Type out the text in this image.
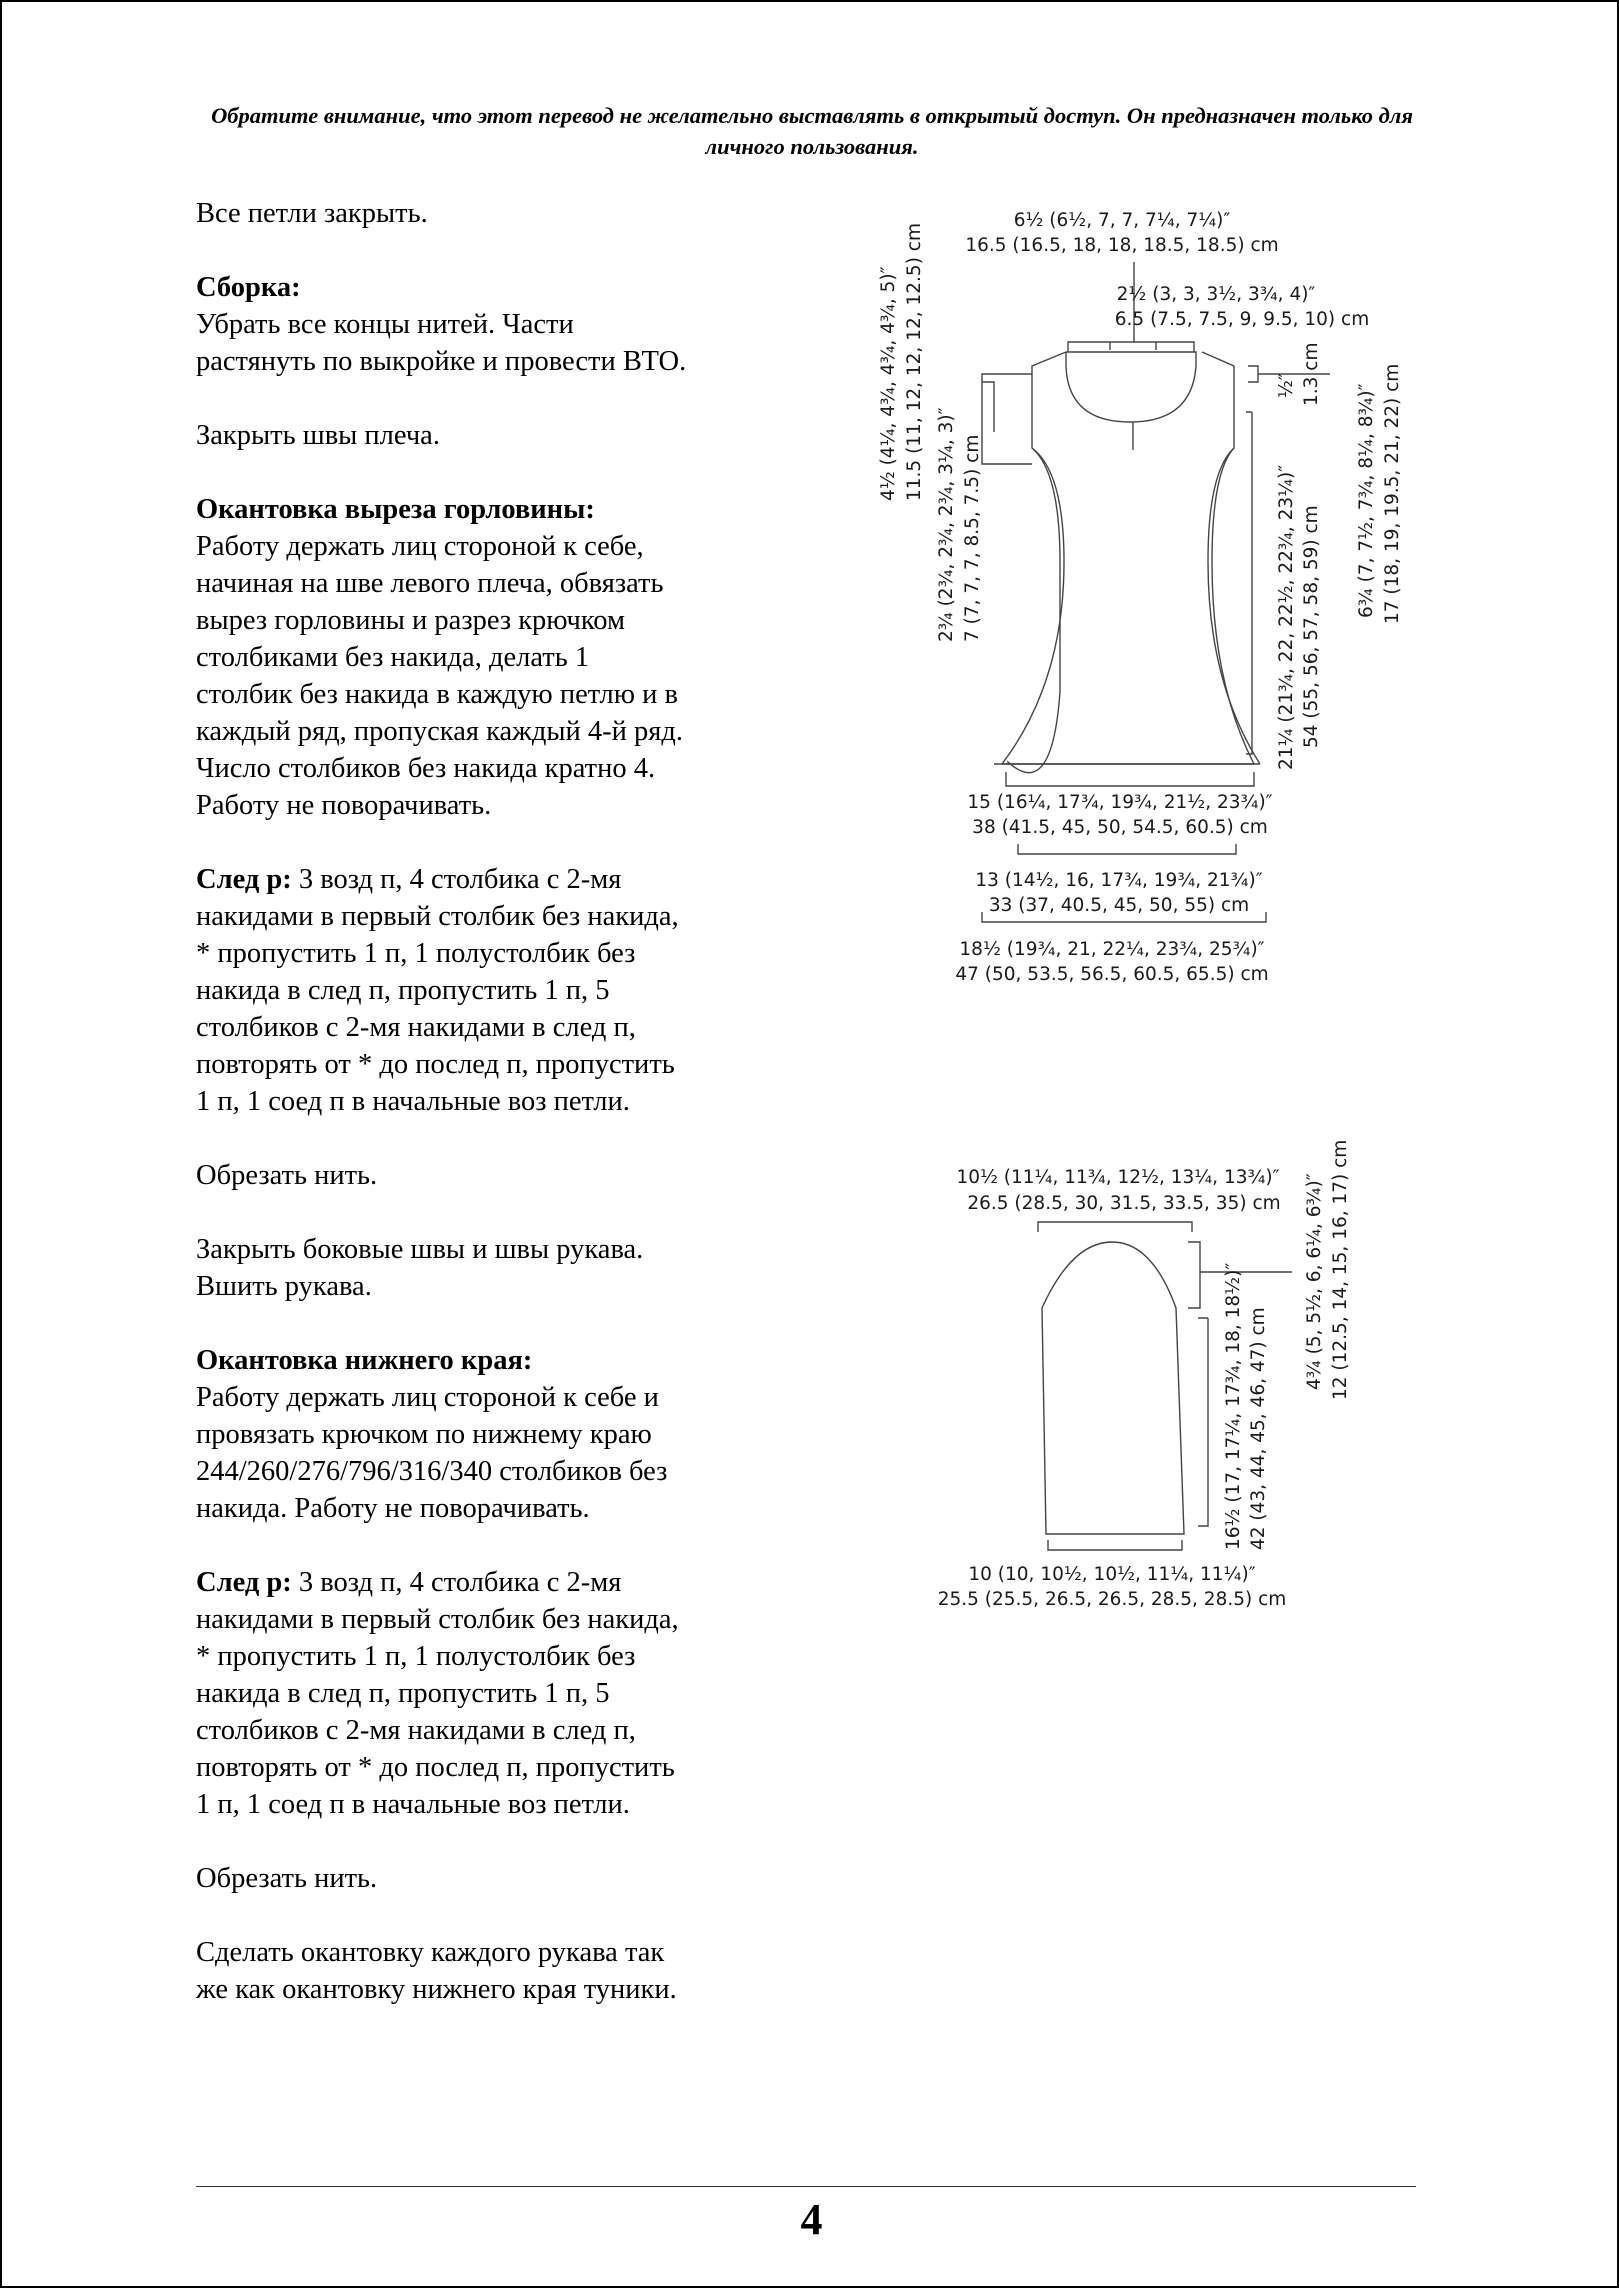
Обратите внимание, что этот перевод не желательно выставлять в открытый доступ. Он предназначен только для личного пользования.

Все петли закрыть.

Сборка:

Убрать все концы нитей. Части

растянуть по выкройке и провести ВТО.

Закрыть швы плеча.

Окантовка выреза горловины:

Работу держать лиц стороной к себе,

начиная на шве левого плеча, обвязать

вырез горловины и разрез крючком

столбиками без накида, делать 1

столбик без накида в каждую петлю и в

каждый ряд, пропуская каждый 4-й ряд.

Число столбиков без накида кратно 4.

Работу не поворачивать.

След р: 3 возд п, 4 столбика с 2-мя

накидами в первый столбик без накида,

* пропустить 1 п, 1 полустолбик без

накида в след п, пропустить 1 п, 5

столбиков с 2-мя накидами в след п,

повторять от * до послед п, пропустить

1 п, 1 соед п в начальные воз петли.

Обрезать нить.

Закрыть боковые швы и швы рукава.

Вшить рукава.

Окантовка нижнего края:

Работу держать лиц стороной к себе и

провязать крючком по нижнему краю

244/260/276/796/316/340 столбиков без

накида. Работу не поворачивать.

След р: 3 возд п, 4 столбика с 2-мя

накидами в первый столбик без накида,

* пропустить 1 п, 1 полустолбик без

накида в след п, пропустить 1 п, 5

столбиков с 2-мя накидами в след п,

повторять от * до послед п, пропустить

1 п, 1 соед п в начальные воз петли.

Обрезать нить.

Сделать окантовку каждого рукава так

же как окантовку нижнего края туники.

6½ (6½, 7, 7, 7¼, 7¼)″
16.5 (16.5, 18, 18, 18.5, 18.5) cm
2½ (3, 3, 3½, 3¾, 4)″
6.5 (7.5, 7.5, 9, 9.5, 10) cm
4½ (4¼, 4¾, 4¾, 4¾, 5)″ 11.5 (11, 12, 12, 12, 12.5) cm
2¾ (2¾, 2¾, 2¾, 3¼, 3)″ 7 (7, 7, 7, 8.5, 7.5) cm
½″ 1.3 cm
21¼ (21¾, 22, 22½, 22¾, 23¼)″ 54 (55, 56, 57, 58, 59) cm
6¾ (7, 7½, 7¾, 8¼, 8¾)″ 17 (18, 19, 19.5, 21, 22) cm
15 (16¼, 17¾, 19¾, 21½, 23¾)″
38 (41.5, 45, 50, 54.5, 60.5) cm
13 (14½, 16, 17¾, 19¾, 21¾)″
33 (37, 40.5, 45, 50, 55) cm
18½ (19¾, 21, 22¼, 23¾, 25¾)″
47 (50, 53.5, 56.5, 60.5, 65.5) cm
10½ (11¼, 11¾, 12½, 13¼, 13¾)″
26.5 (28.5, 30, 31.5, 33.5, 35) cm 4¾ (5, 5½, 6, 6¼, 6¾)″ 12 (12.5, 14, 15, 16, 17) cm
16½ (17, 17¼, 17¾, 18, 18½)″ 42 (43, 44, 45, 46, 47) cm
10 (10, 10½, 10½, 11¼, 11¼)″
25.5 (25.5, 26.5, 26.5, 28.5, 28.5) cm
4
